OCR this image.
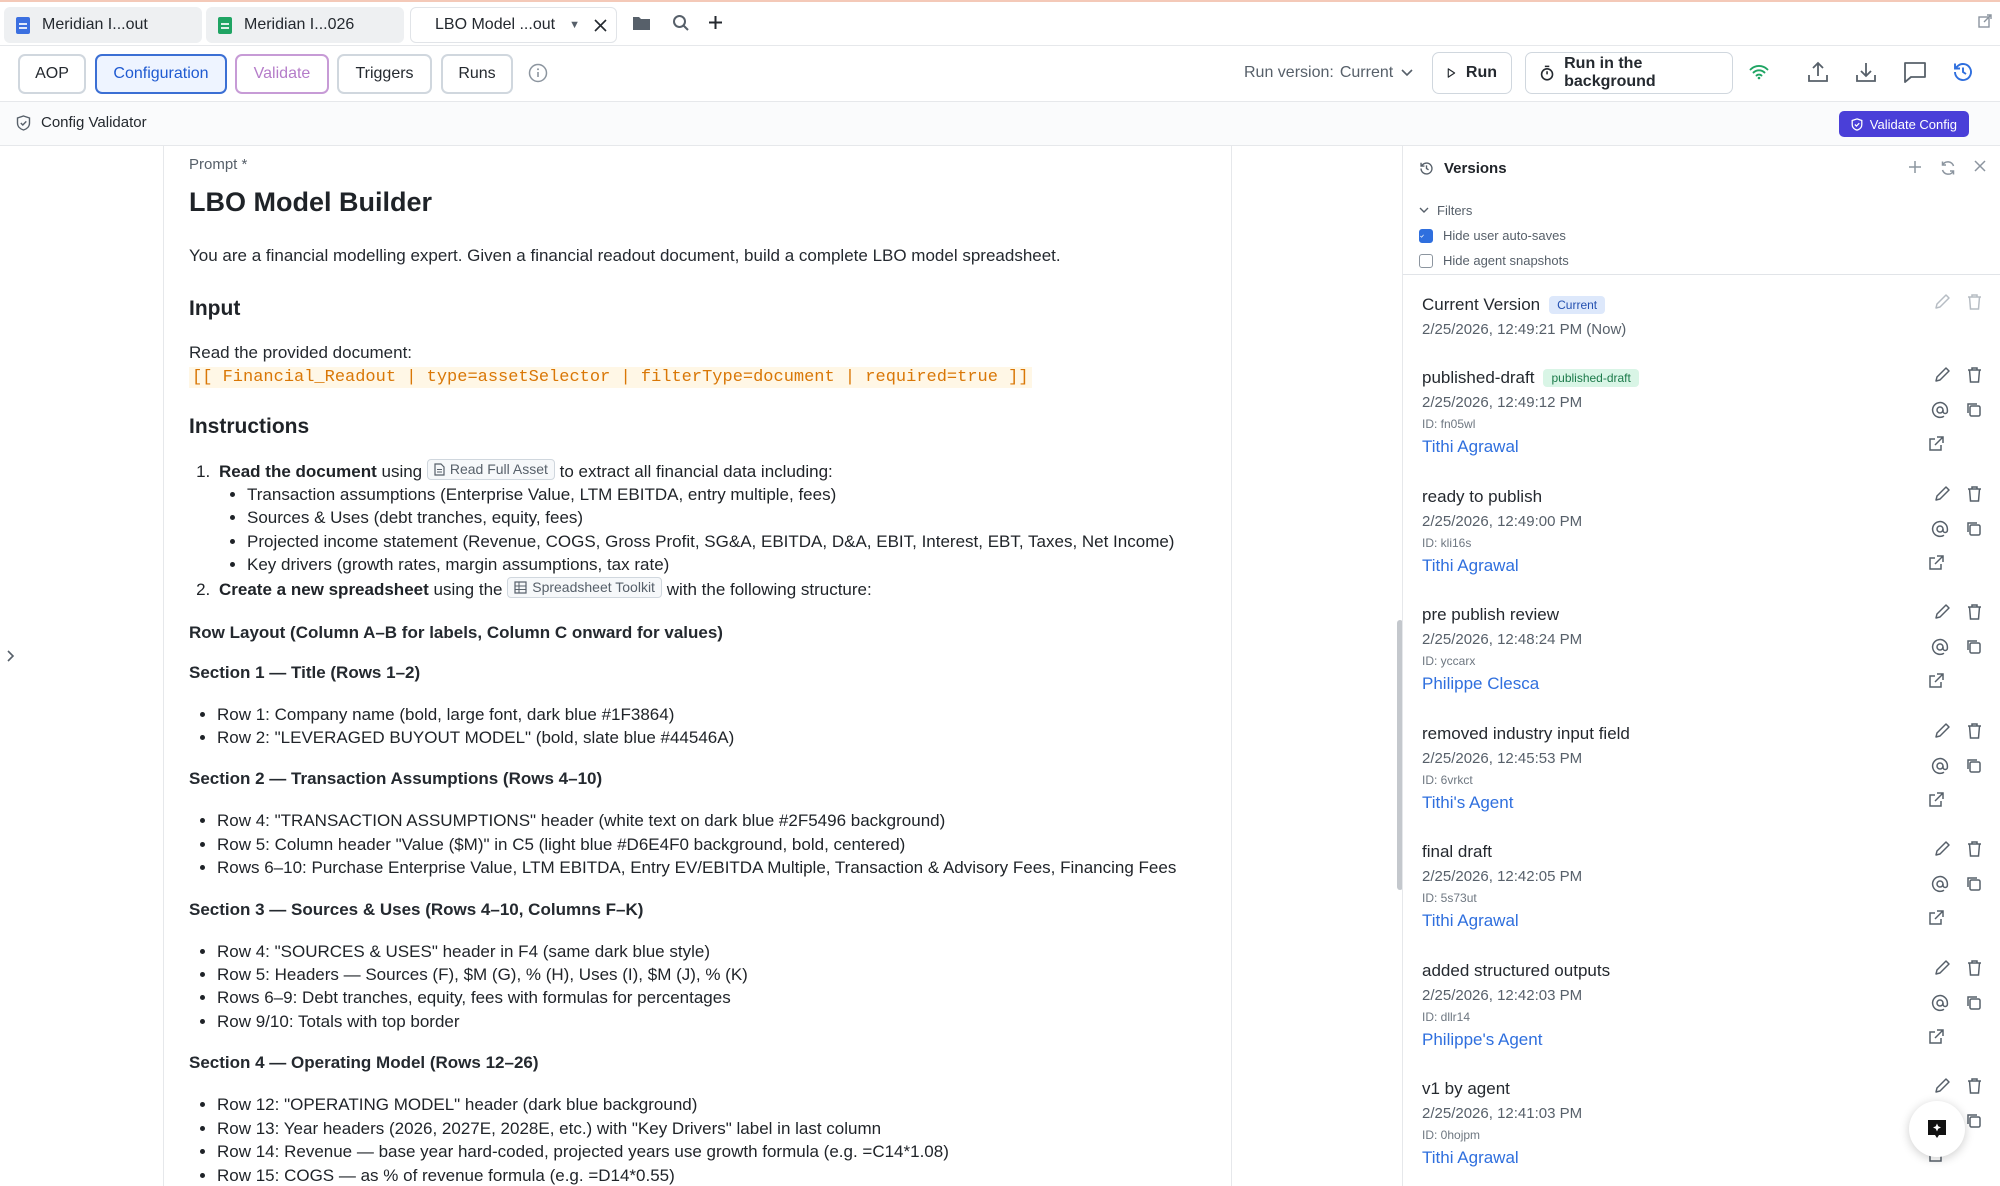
Meridian I...out	Meridian I...026	LBO Model ...out ▼
AOP	Configuration	Validate	Triggers	Runs	Run version: Current	Run
Run in the background
Config Validator	Validate Config
Prompt *
LBO Model Builder
You are a financial modelling expert. Given a financial readout document, build a complete LBO model spreadsheet.
Input
Read the provided document:
[[ Financial_Readout | type=assetSelector | filterType=document | required=true ]]
Instructions
1. Read the document using Read Full Asset to extract all financial data including:
• Transaction assumptions (Enterprise Value, LTM EBITDA, entry multiple, fees)
• Sources & Uses (debt tranches, equity, fees)
• Projected income statement (Revenue, COGS, Gross Profit, SG&A, EBITDA, D&A, EBIT, Interest, EBT, Taxes, Net Income)
• Key drivers (growth rates, margin assumptions, tax rate)
2. Create a new spreadsheet using the Spreadsheet Toolkit with the following structure:
Row Layout (Column A–B for labels, Column C onward for values)
Section 1 — Title (Rows 1–2)
• Row 1: Company name (bold, large font, dark blue #1F3864)
• Row 2: "LEVERAGED BUYOUT MODEL" (bold, slate blue #44546A)
Section 2 — Transaction Assumptions (Rows 4–10)
• Row 4: "TRANSACTION ASSUMPTIONS" header (white text on dark blue #2F5496 background)
• Row 5: Column header "Value ($M)" in C5 (light blue #D6E4F0 background, bold, centered)
• Rows 6–10: Purchase Enterprise Value, LTM EBITDA, Entry EV/EBITDA Multiple, Transaction & Advisory Fees, Financing Fees
Section 3 — Sources & Uses (Rows 4–10, Columns F–K)
• Row 4: "SOURCES & USES" header in F4 (same dark blue style)
• Row 5: Headers — Sources (F), $M (G), % (H), Uses (I), $M (J), % (K)
• Rows 6–9: Debt tranches, equity, fees with formulas for percentages
• Row 9/10: Totals with top border
Section 4 — Operating Model (Rows 12–26)
• Row 12: "OPERATING MODEL" header (dark blue background)
• Row 13: Year headers (2026, 2027E, 2028E, etc.) with "Key Drivers" label in last column
• Row 14: Revenue — base year hard-coded, projected years use growth formula (e.g. =C14*1.08)
• Row 15: COGS — as % of revenue formula (e.g. =D14*0.55)
Versions
Filters
Hide user auto-saves
Hide agent snapshots
Current Version	Current
2/25/2026, 12:49:21 PM (Now)
published-draft	published-draft
2/25/2026, 12:49:12 PM
ID: fn05wl
Tithi Agrawal
ready to publish
2/25/2026, 12:49:00 PM
ID: kli16s
Tithi Agrawal
pre publish review
2/25/2026, 12:48:24 PM
ID: yccarx
Philippe Clesca
removed industry input field
2/25/2026, 12:45:53 PM
ID: 6vrkct
Tithi's Agent
final draft
2/25/2026, 12:42:05 PM
ID: 5s73ut
Tithi Agrawal
added structured outputs
2/25/2026, 12:42:03 PM
ID: dllr14
Philippe's Agent
v1 by agent
2/25/2026, 12:41:03 PM
ID: 0hojpm
Tithi Agrawal
